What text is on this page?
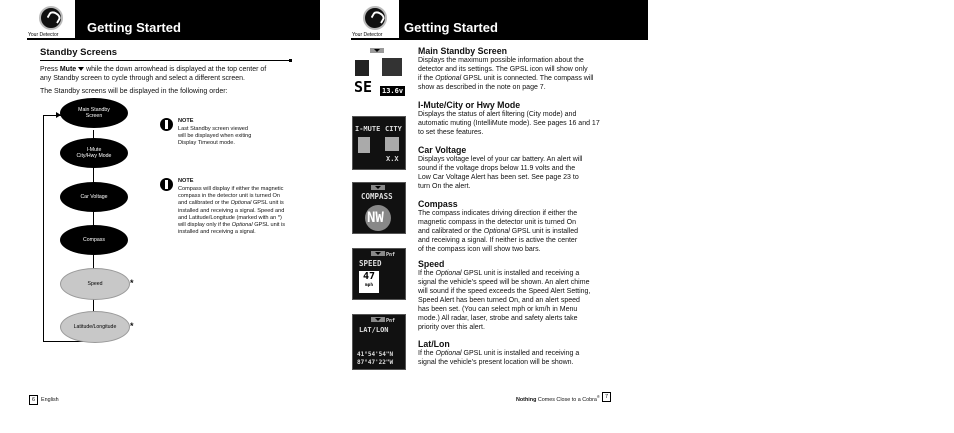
Your Detector Getting Started
Standby Screens
Press Mute  while the down arrowhead is displayed at the top center of
any Standby screen to cycle through and select a different screen.
The Standby screens will be displayed in the following order:
Main Standby
Screen
I-Mute
City/Hwy Mode
Car Voltage
Compass
Speed	*
Latitude/Longitude *
NOTE
Last Standby screen viewed
will be displayed when exiting
Display Timeout mode.
NOTE
Compass will display if either the magnetic
compass in the detector unit is turned On
and calibrated or the Optional GPSL unit is
installed and receiving a signal. Speed and
and Latitude/Longitude (marked with an *)
will display only if the Optional GPSL unit is
installed and receiving a signal.
6	English
Your Detector Getting Started
SE 13.6v
I-MUTE CITY
X.X
COMPASS
NW
Pnf
SPEED
47
mph
Pnf
LAT/LON
41°54'54"N
87°47'22"W
Main Standby Screen
Displays the maximum possible information about the
detector and its settings. The GPSL icon will show only
if the Optional GPSL unit is connected. The compass will
show as described in the note on page 7.
I-Mute/City or Hwy Mode
Displays the status of alert filtering (City mode) and
automatic muting (IntelliMute mode). See pages 16 and 17
to set these features.
Car Voltage
Displays voltage level of your car battery. An alert will
sound if the voltage drops below 11.9 volts and the
Low Car Voltage Alert has been set. See page 23 to
turn On the alert.
Compass
The compass indicates driving direction if either the
magnetic compass in the detector unit is turned On
and calibrated or the Optional GPSL unit is installed
and receiving a signal. If neither is active the center
of the compass icon will show two bars.
Speed
If the Optional GPSL unit is installed and receiving a
signal the vehicle’s speed will be shown. An alert chime
will sound if the speed exceeds the Speed Alert Setting,
Speed Alert has been turned On, and an alert speed
has been set. (You can select mph or km/h in Menu
mode.) All radar, laser, strobe and safety alerts take
priority over this alert.
Lat/Lon
If the Optional GPSL unit is installed and receiving a
signal the vehicle’s present location will be shown.
Nothing Comes Close to a Cobra® 7
